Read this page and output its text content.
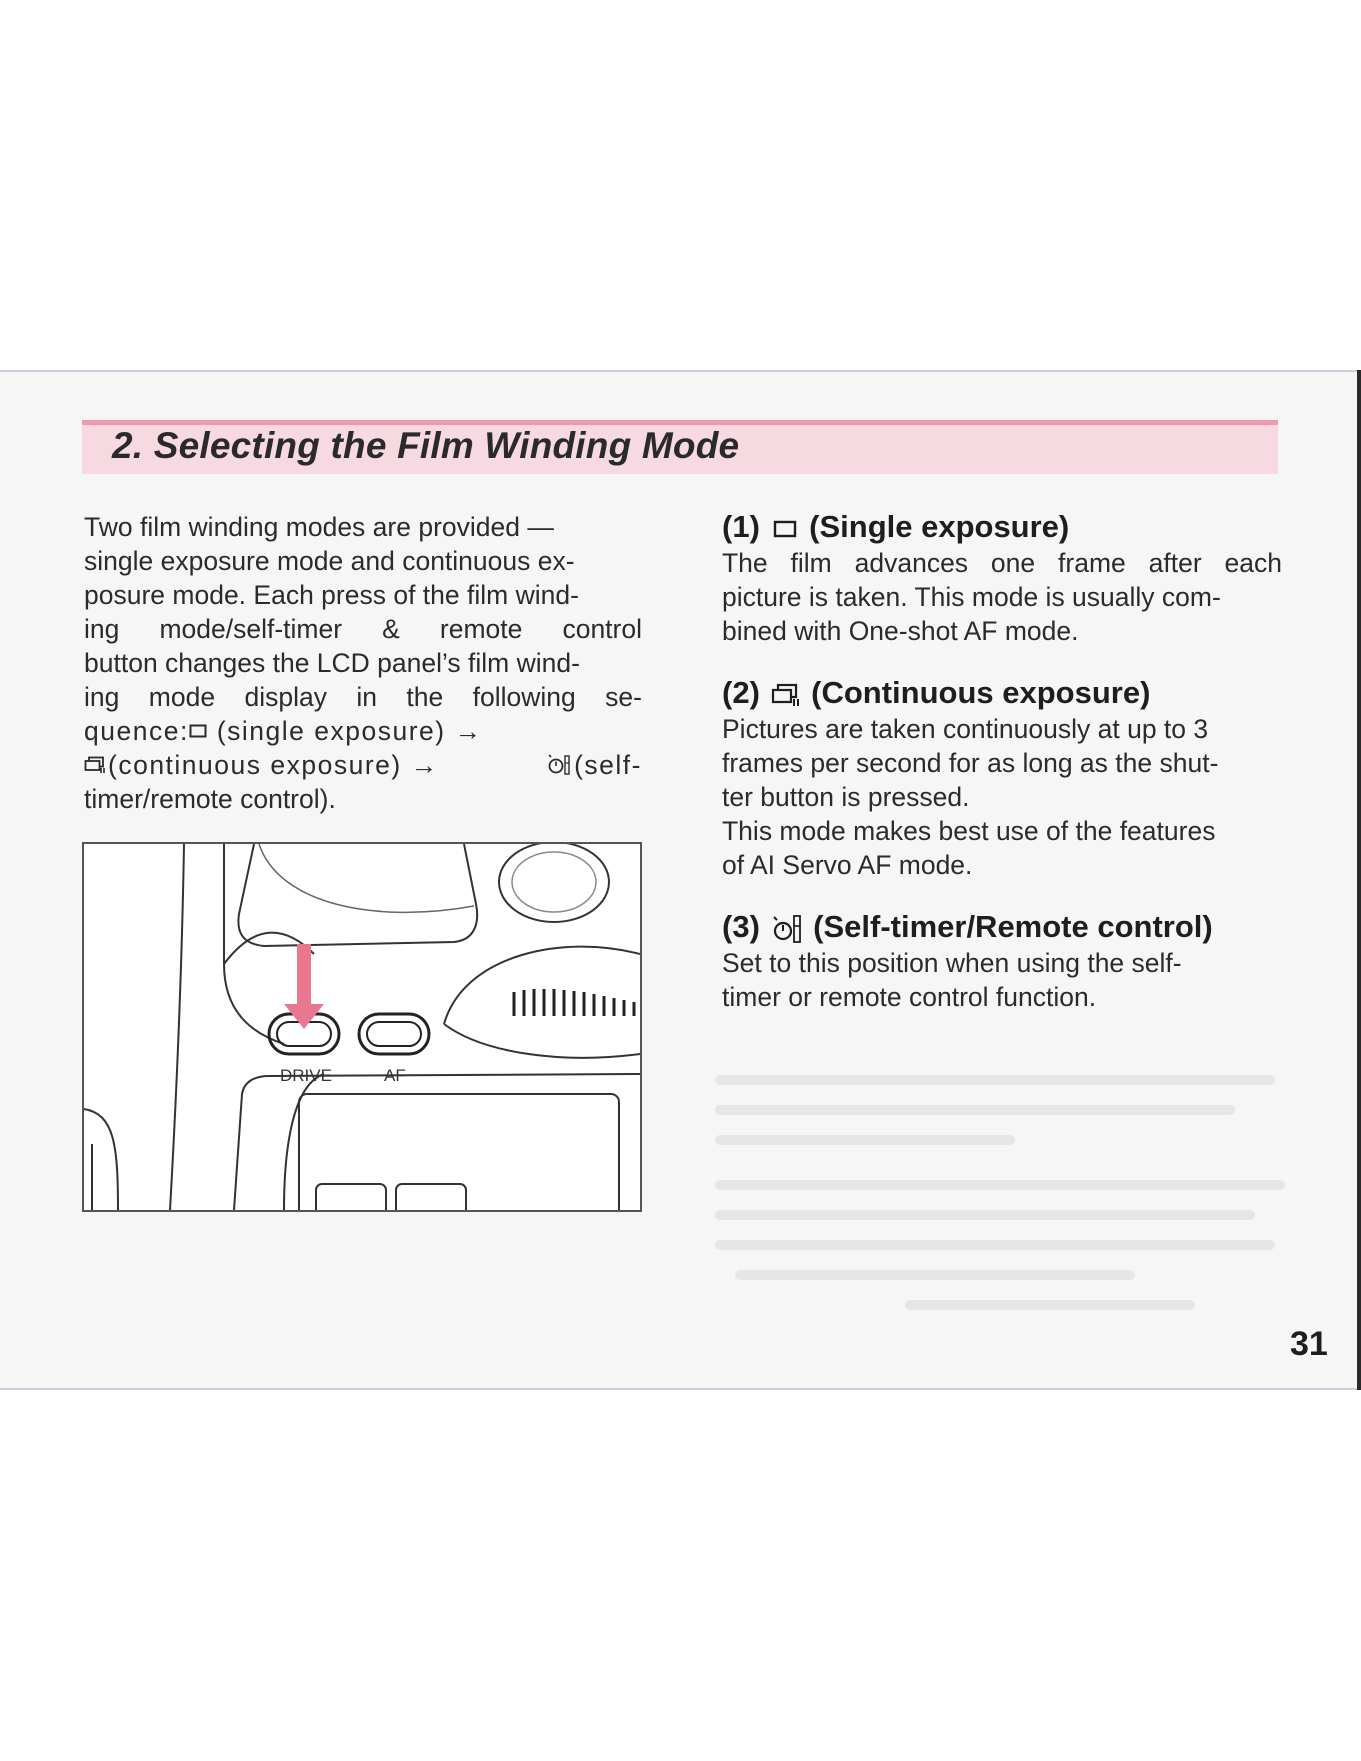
2. Selecting the Film Winding Mode

Two film winding modes are provided —
single exposure mode and continuous ex-
posure mode. Each press of the film wind-
ing mode/self-timer & remote control
button changes the LCD panel’s film wind-
ing mode display in the following se-
quence: (single exposure) →
(continuous exposure) →	(self-
timer/remote control).

DRIVE	AF

(1) (Single exposure)

The film advances one frame after each
picture is taken. This mode is usually com-
bined with One-shot AF mode.

(2) (Continuous exposure)

Pictures are taken continuously at up to 3
frames per second for as long as the shut-
ter button is pressed.
This mode makes best use of the features
of AI Servo AF mode.

(3) (Self-timer/Remote control)

Set to this position when using the self-
timer or remote control function.

31
